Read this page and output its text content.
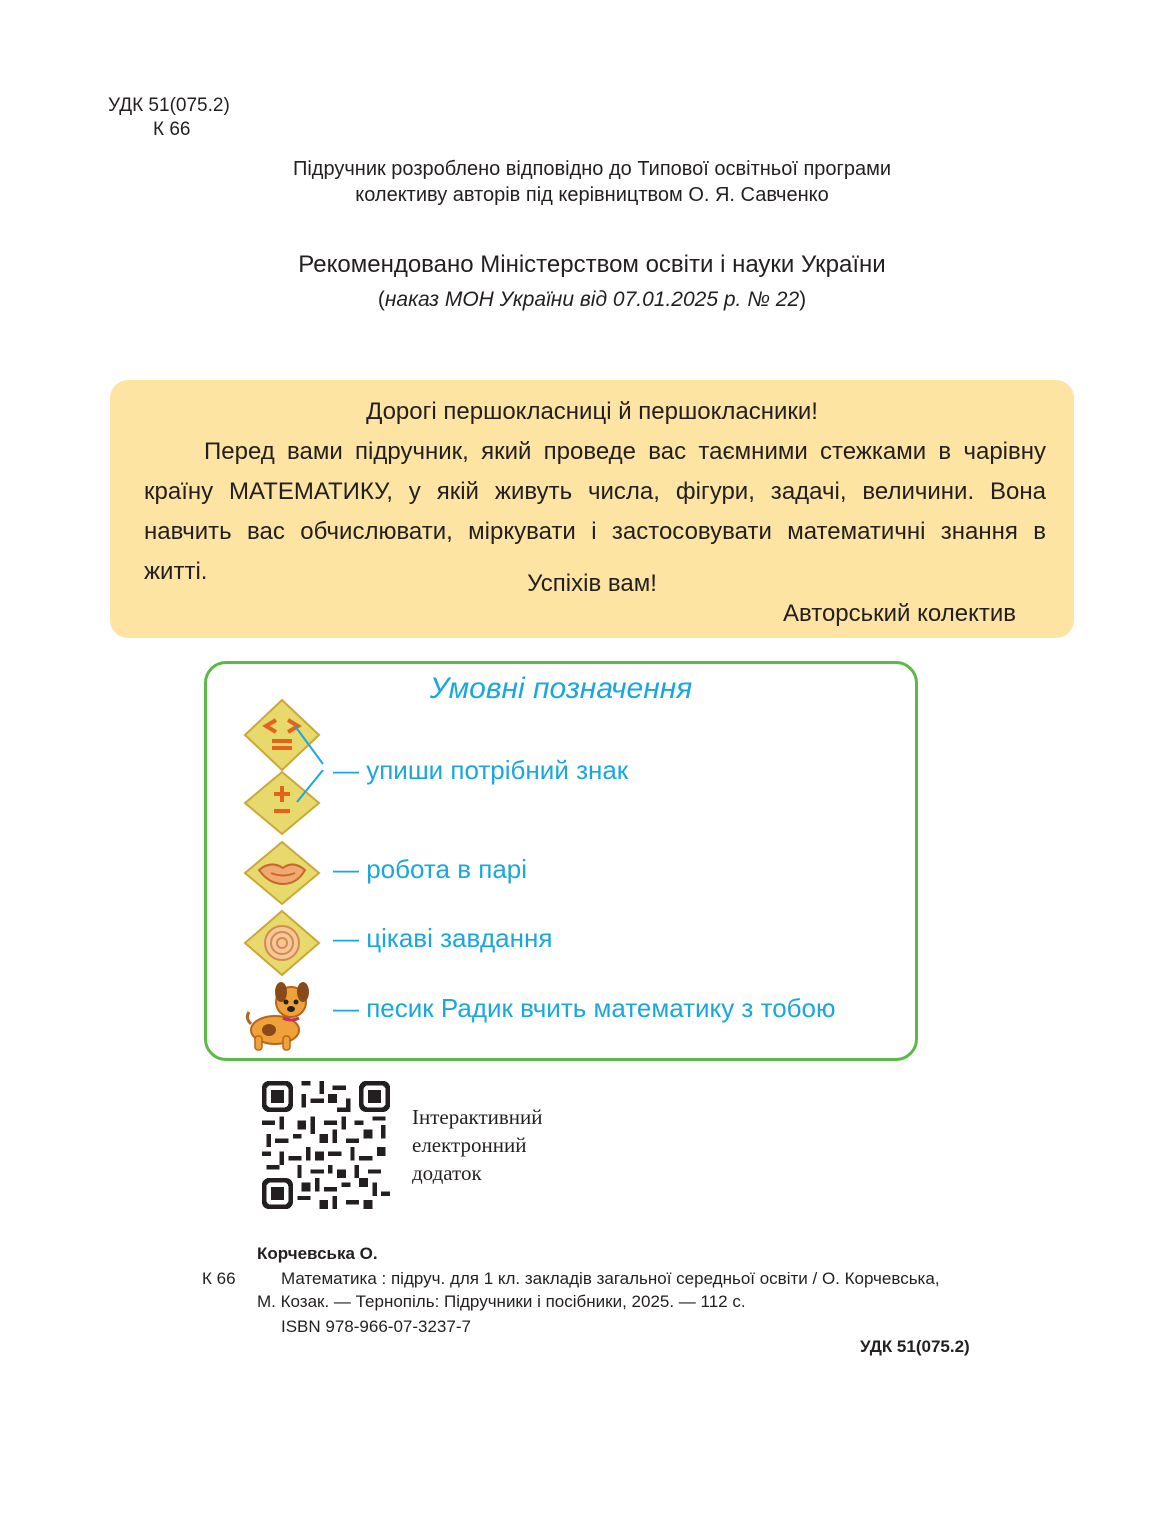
УДК 51(075.2)
К 66
Підручник розроблено відповідно до Типової освітньої програми
колективу авторів під керівництвом О. Я. Савченко
Рекомендовано Міністерством освіти і науки України
(наказ МОН України від 07.01.2025 р. № 22)
Дорогі першокласниці й першокласники!
Перед вами підручник, який проведе вас таємними стежками в чарівну країну МАТЕМАТИКУ, у якій живуть числа, фігури, задачі, величини. Вона навчить вас обчислювати, міркувати і застосовувати математичні знання в житті.	Успіхів вам!
Авторський колектив
Умовні позначення
— упиши потрібний знак
— робота в парі
— цікаві завдання
— песик Радик вчить математику з тобою
Інтерактивний
електронний
додаток
Корчевська О.
К 66	Математика : підруч. для 1 кл. закладів загальної середньої освіти / О. Корчевська,
М. Козак. — Тернопіль: Підручники і посібники, 2025. — 112 с.
ISBN 978-966-07-3237-7
УДК 51(075.2)
